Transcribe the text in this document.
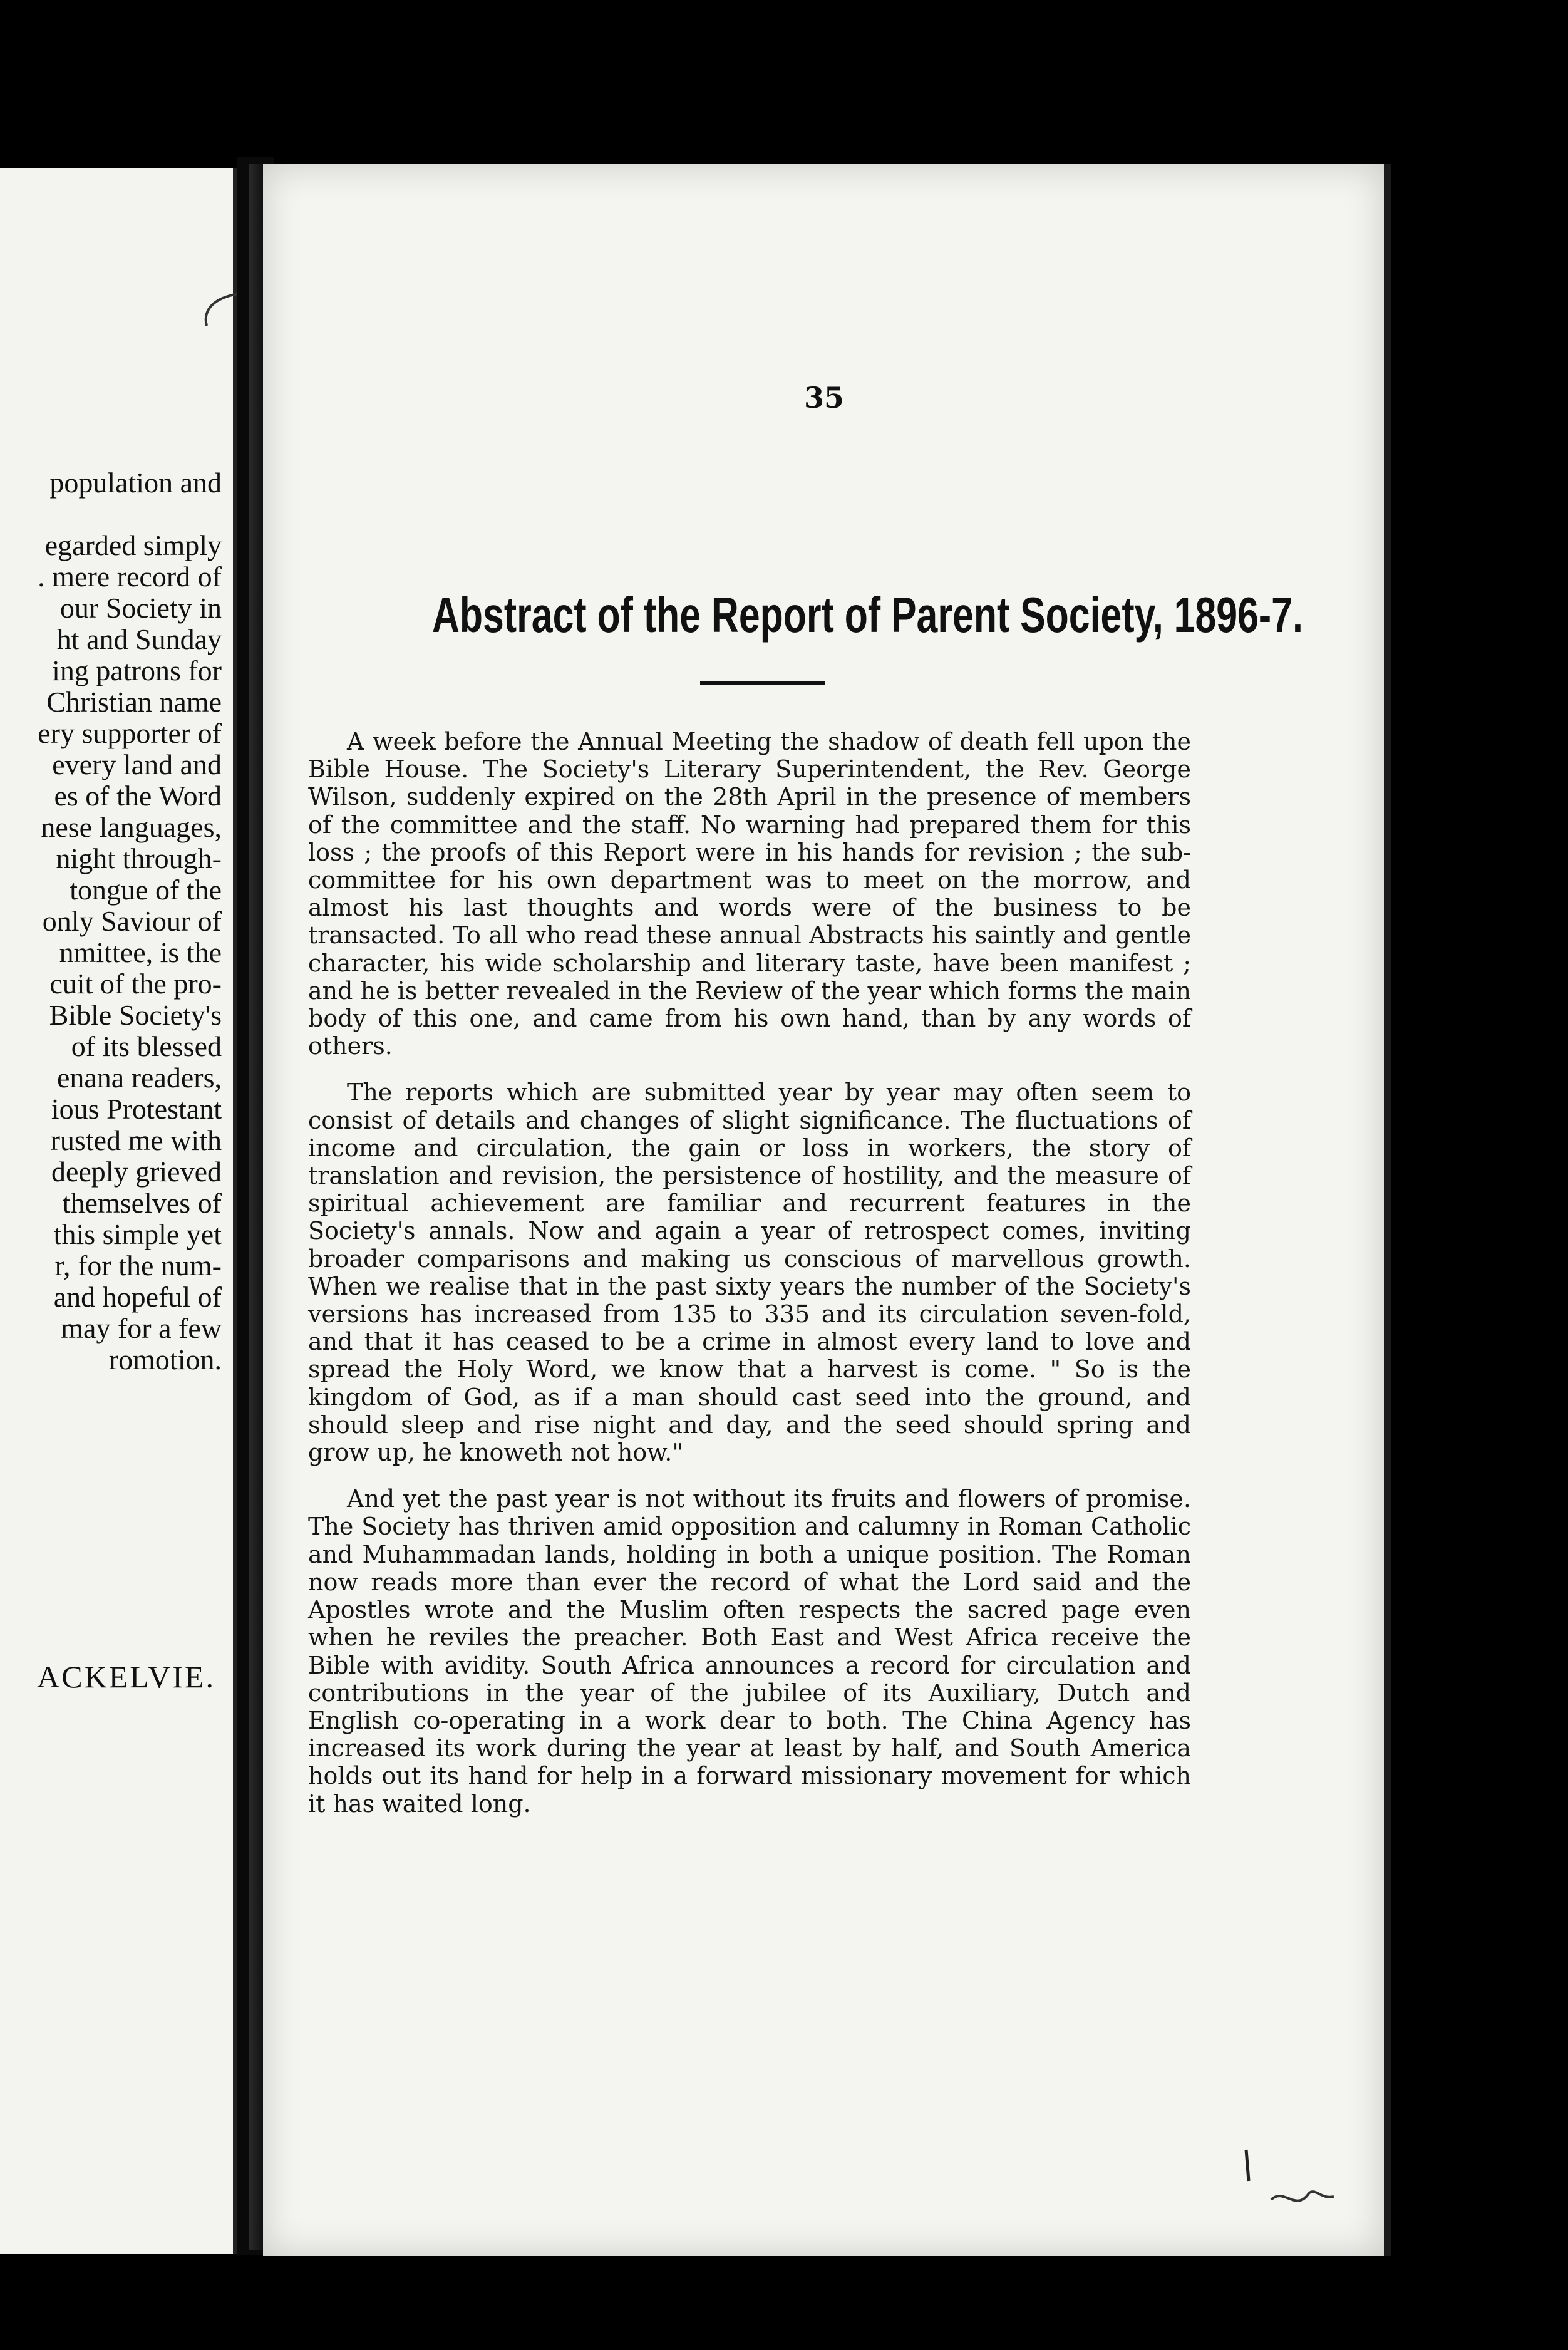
population and

egarded simply
. mere record of
our Society in
ht and Sunday
ing patrons for
Christian name
ery supporter of
every land and
es of the Word
nese languages,
night through-
tongue of the
only Saviour of
nmittee, is the
cuit of the pro-
Bible Society's
of its blessed
enana readers,
ious Protestant
rusted me with
deeply grieved
themselves of
this simple yet
r, for the num-
and hopeful of
may for a few
romotion.
ACKELVIE.
35
Abstract of the Report of Parent Society, 1896-7.

A week before the Annual Meeting the shadow of death fell upon the Bible House. The Society's Literary Superintendent, the Rev. George Wilson, suddenly expired on the 28th April in the presence of members of the committee and the staff. No warning had prepared them for this loss ; the proofs of this Report were in his hands for revision ; the sub-committee for his own department was to meet on the morrow, and almost his last thoughts and words were of the business to be transacted. To all who read these annual Abstracts his saintly and gentle character, his wide scholarship and literary taste, have been manifest ; and he is better revealed in the Review of the year which forms the main body of this one, and came from his own hand, than by any words of others.

The reports which are submitted year by year may often seem to consist of details and changes of slight significance. The fluctuations of income and circulation, the gain or loss in workers, the story of translation and revision, the persistence of hostility, and the measure of spiritual achievement are familiar and recurrent features in the Society's annals. Now and again a year of retrospect comes, inviting broader comparisons and making us conscious of marvellous growth. When we realise that in the past sixty years the number of the Society's versions has increased from 135 to 335 and its circulation seven-fold, and that it has ceased to be a crime in almost every land to love and spread the Holy Word, we know that a harvest is come. " So is the kingdom of God, as if a man should cast seed into the ground, and should sleep and rise night and day, and the seed should spring and grow up, he knoweth not how."

And yet the past year is not without its fruits and flowers of promise. The Society has thriven amid opposition and calumny in Roman Catholic and Muhammadan lands, holding in both a unique position. The Roman now reads more than ever the record of what the Lord said and the Apostles wrote and the Muslim often respects the sacred page even when he reviles the preacher. Both East and West Africa receive the Bible with avidity. South Africa announces a record for circulation and contributions in the year of the jubilee of its Auxiliary, Dutch and English co-operating in a work dear to both. The China Agency has increased its work during the year at least by half, and South America holds out its hand for help in a forward missionary movement for which it has waited long.
